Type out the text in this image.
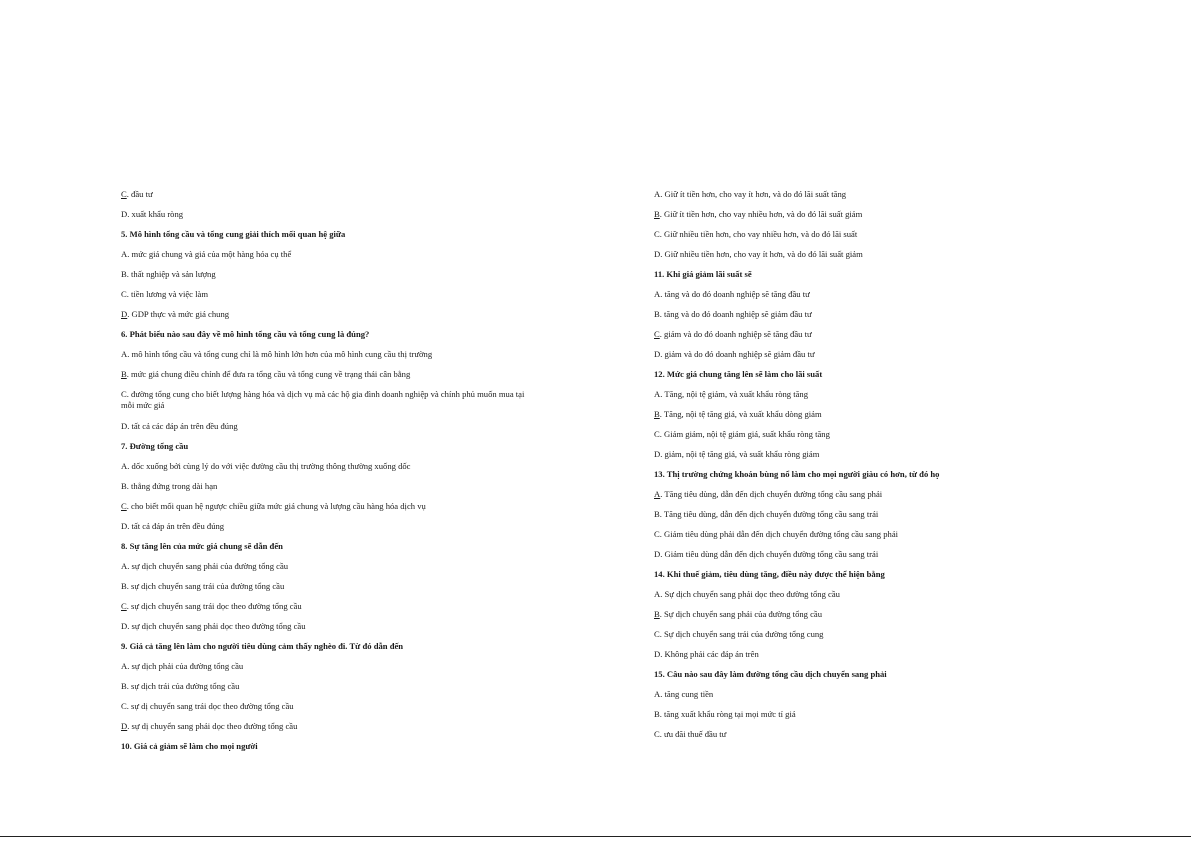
C. đầu tư
D. xuất khẩu ròng
5. Mô hình tổng cầu và tổng cung giải thích mối quan hệ giữa
A. mức giá chung và giá của một hàng hóa cụ thể
B. thất nghiệp và sản lượng
C. tiền lương và việc làm
D. GDP thực và mức giá chung
6. Phát biểu nào sau đây về mô hình tổng cầu và tổng cung là đúng?
A. mô hình tổng cầu và tổng cung chỉ là mô hình lớn hơn của mô hình cung cầu thị trường
B. mức giá chung điều chỉnh để đưa ra tổng cầu và tổng cung về trạng thái cân bằng
C. đường tổng cung cho biết lượng hàng hóa và dịch vụ mà các hộ gia đình doanh nghiệp và chính phủ muốn mua tại mỗi mức giá
D. tất cả các đáp án trên đều đúng
7. Đường tổng cầu
A. dốc xuống bởi cùng lý do với việc đường cầu thị trường thông thường xuống dốc
B. thẳng đứng trong dài hạn
C. cho biết mối quan hệ ngược chiều giữa mức giá chung và lượng cầu hàng hóa dịch vụ
D. tất cả đáp án trên đều đúng
8. Sự tăng lên của mức giá chung sẽ dẫn đến
A. sự dịch chuyển sang phải của đường tổng cầu
B. sự dịch chuyển sang trái của đường tổng cầu
C. sự dịch chuyển sang trái dọc theo đường tổng cầu
D. sự dịch chuyển sang phải dọc theo đường tổng cầu
9. Giá cả tăng lên làm cho người tiêu dùng cảm thấy nghèo đi. Từ đó dẫn đến
A. sự dịch phải của đường tổng cầu
B. sự dịch trái của đường tổng cầu
C. sự dị chuyển sang trái dọc theo đường tổng cầu
D. sự dị chuyển sang phải dọc theo đường tổng cầu
10. Giá cả giảm sẽ làm cho mọi người
A. Giữ ít tiền hơn, cho vay ít hơn, và do đó lãi suất tăng
B. Giữ ít tiền hơn, cho vay nhiều hơn, và do đó lãi suất giảm
C. Giữ nhiều tiền hơn, cho vay nhiều hơn, và do đó lãi suất
D. Giữ nhiều tiền hơn, cho vay ít hơn, và do đó lãi suất giảm
11. Khi giá giảm lãi suất sẽ
A. tăng và do đó doanh nghiệp sẽ tăng đầu tư
B. tăng và do đó doanh nghiệp sẽ giảm đầu tư
C. giảm và do đó doanh nghiệp sẽ tăng đầu tư
D. giảm và do đó doanh nghiệp sẽ giảm đầu tư
12. Mức giá chung tăng lên sẽ làm cho lãi suất
A. Tăng, nội tệ giảm, và xuất khẩu ròng tăng
B. Tăng, nội tệ tăng giá, và xuất khẩu dòng giảm
C. Giảm giảm, nội tệ giảm giá, suất khẩu ròng tăng
D. giảm, nội tệ tăng giá, và suất khẩu ròng giảm
13. Thị trường chứng khoán bùng nổ làm cho mọi người giàu có hơn, từ đó họ
A. Tăng tiêu dùng, dẫn đến dịch chuyển đường tổng cầu sang phải
B. Tăng tiêu dùng, dẫn đến dịch chuyển đường tổng cầu sang trái
C. Giảm tiêu dùng phải dẫn đến dịch chuyển đường tổng cầu sang phải
D. Giảm tiêu dùng dẫn đến dịch chuyển đường tổng cầu sang trái
14. Khi thuế giảm, tiêu dùng tăng, điều này được thể hiện bằng
A. Sự dịch chuyển sang phải dọc theo đường tổng cầu
B. Sự dịch chuyển sang phải của đường tổng cầu
C. Sự dịch chuyển sang trái của đường tổng cung
D. Không phải các đáp án trên
15. Câu nào sau đây làm đường tổng cầu dịch chuyển sang phải
A. tăng cung tiền
B. tăng xuất khẩu ròng tại mọi mức tỉ giá
C. ưu đãi thuế đầu tư
